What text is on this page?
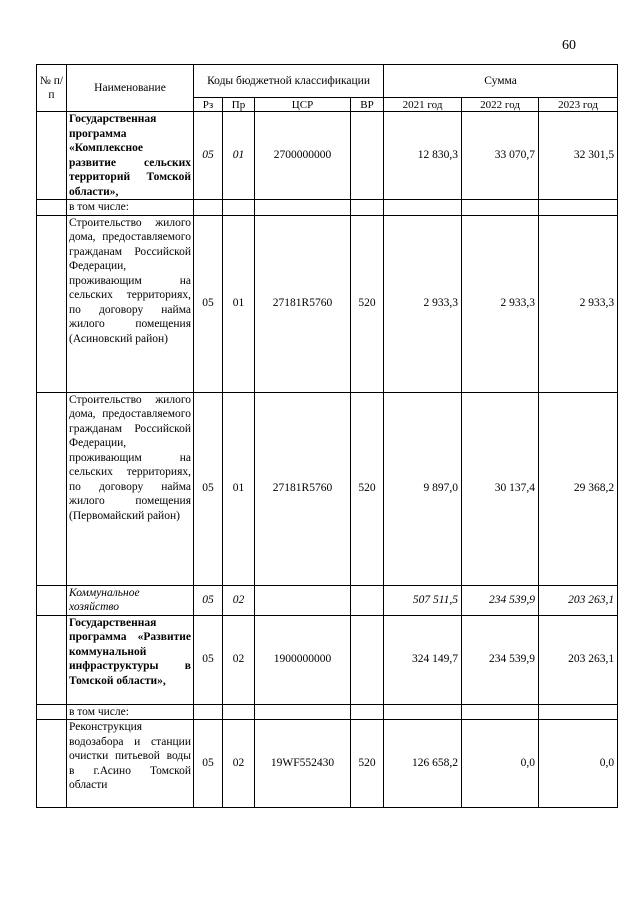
60
№ п/п	Наименование	Коды бюджетной классификации				Сумма		
		Рз	Пр	ЦСР	ВР	2021 год	2022 год	2023 год
	Государственная программа «Комплексное развитие сельских территорий Томской области»,	05	01	2700000000		12 830,3	33 070,7	32 301,5
	в том числе:							
	Строительство жилого дома, предоставляемого гражданам Российской Федерации, проживающим на сельских территориях, по договору найма жилого помещения (Асиновский район)	05	01	27181R5760	520	2 933,3	2 933,3	2 933,3
	Строительство жилого дома, предоставляемого гражданам Российской Федерации, проживающим на сельских территориях, по договору найма жилого помещения (Первомайский район)	05	01	27181R5760	520	9 897,0	30 137,4	29 368,2
	Коммунальное хозяйство	05	02			507 511,5	234 539,9	203 263,1
	Государственная программа «Развитие коммунальной инфраструктуры в Томской области»,	05	02	1900000000		324 149,7	234 539,9	203 263,1
	в том числе:							
	Реконструкция водозабора и станции очистки питьевой воды в г.Асино Томской области	05	02	19WF552430	520	126 658,2	0,0	0,0
